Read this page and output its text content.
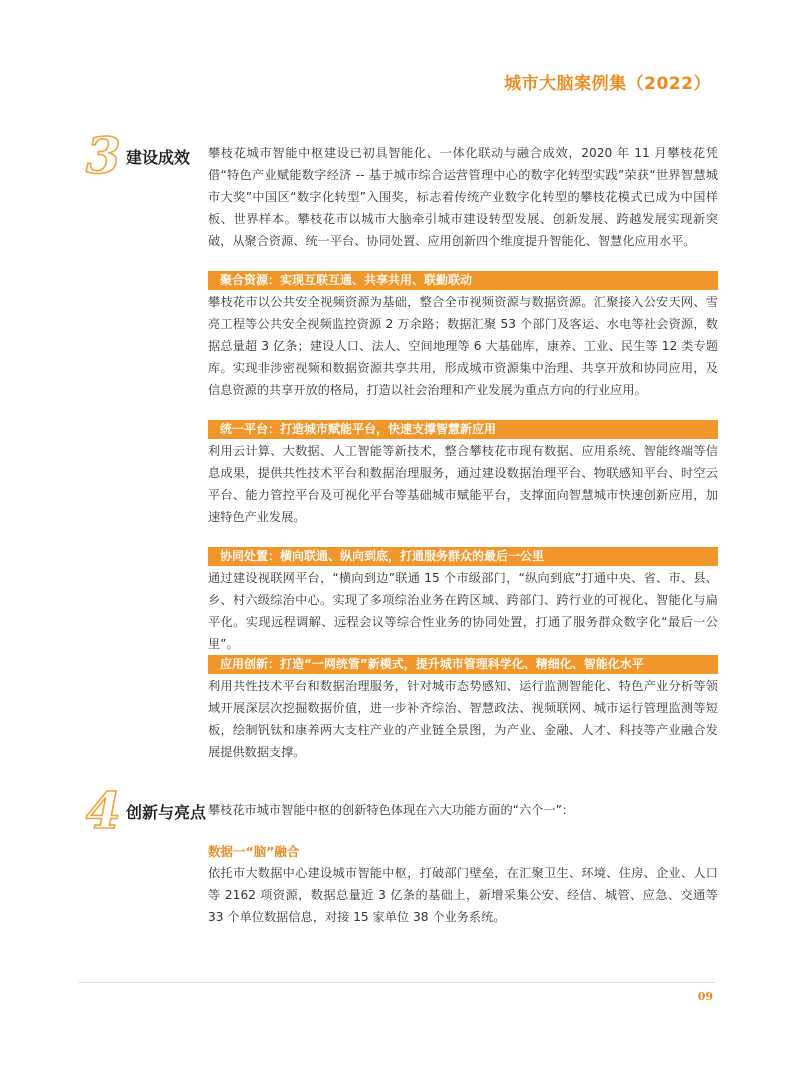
城市大脑案例集（2022）
3 建设成效 攀枝花城市智能中枢建设已初具智能化、一体化联动与融合成效，2020 年 11 月攀枝花凭借“特色产业赋能数字经济 -- 基于城市综合运营管理中心的数字化转型实践”荣获“世界智慧城市大奖”中国区“数字化转型”入围奖，标志着传统产业数字化转型的攀枝花模式已成为中国样板、世界样本。攀枝花市以城市大脑牵引城市建设转型发展、创新发展、跨越发展实现新突破，从聚合资源、统一平台、协同处置、应用创新四个维度提升智能化、智慧化应用水平。

聚合资源：实现互联互通、共享共用、联勤联动

攀枝花市以公共安全视频资源为基础，整合全市视频资源与数据资源。汇聚接入公安天网、雪亮工程等公共安全视频监控资源 2 万余路；数据汇聚 53 个部门及客运、水电等社会资源，数据总量超 3 亿条；建设人口、法人、空间地理等 6 大基础库，康养、工业、民生等 12 类专题库。实现非涉密视频和数据资源共享共用，形成城市资源集中治理、共享开放和协同应用，及信息资源的共享开放的格局，打造以社会治理和产业发展为重点方向的行业应用。

统一平台：打造城市赋能平台，快速支撑智慧新应用

利用云计算、大数据、人工智能等新技术，整合攀枝花市现有数据、应用系统、智能终端等信息成果，提供共性技术平台和数据治理服务，通过建设数据治理平台、物联感知平台、时空云平台、能力管控平台及可视化平台等基础城市赋能平台，支撑面向智慧城市快速创新应用，加速特色产业发展。

协同处置：横向联通、纵向到底，打通服务群众的最后一公里

通过建设视联网平台，“横向到边”联通 15 个市级部门，“纵向到底”打通中央、省、市、县、乡、村六级综治中心。实现了多项综治业务在跨区域、跨部门、跨行业的可视化、智能化与扁平化。实现远程调解、远程会议等综合性业务的协同处置，打通了服务群众数字化“最后一公里”。

应用创新：打造“一网统管”新模式，提升城市管理科学化、精细化、智能化水平

利用共性技术平台和数据治理服务，针对城市态势感知、运行监测智能化、特色产业分析等领域开展深层次挖掘数据价值，进一步补齐综治、智慧政法、视频联网、城市运行管理监测等短板，绘制钒钛和康养两大支柱产业的产业链全景图，为产业、金融、人才、科技等产业融合发展提供数据支撑。

4 创新与亮点 攀枝花市城市智能中枢的创新特色体现在六大功能方面的“六个一”：

数据一“脑”融合

依托市大数据中心建设城市智能中枢，打破部门壁垒，在汇聚卫生、环境、住房、企业、人口等 2162 项资源，数据总量近 3 亿条的基础上，新增采集公安、经信、城管、应急、交通等 33 个单位数据信息，对接 15 家单位 38 个业务系统。

09
